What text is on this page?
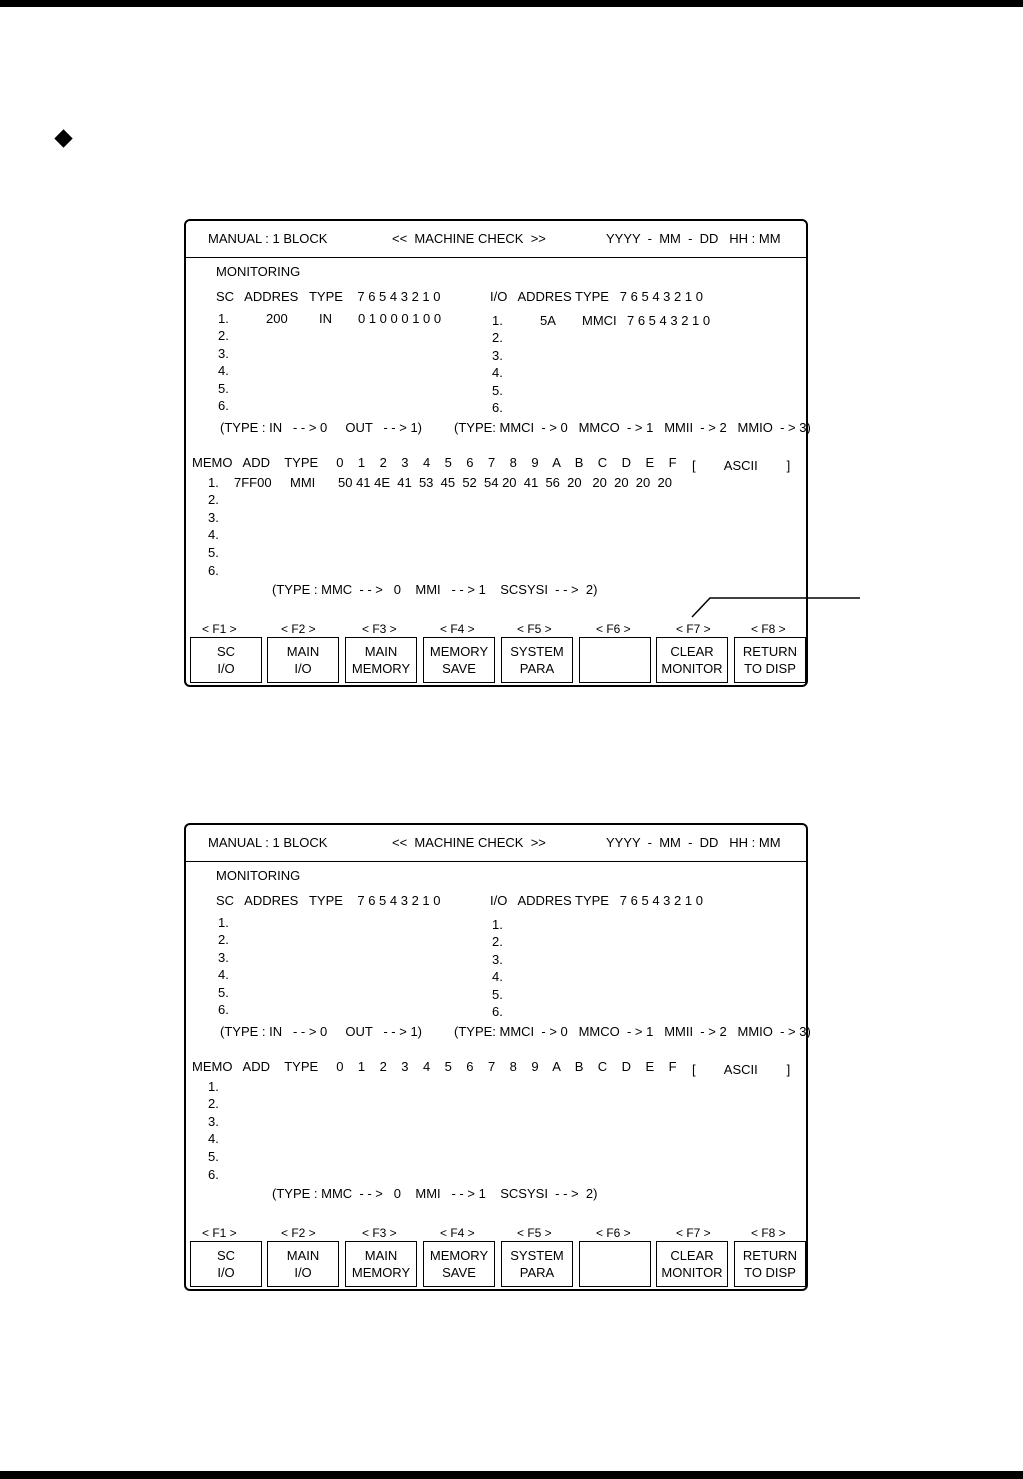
MANUAL : 1 BLOCK	<<  MACHINE CHECK  >>	YYYY  -  MM  -  DD   HH : MM
MONITORING
SC   ADDRES   TYPE    7 6 5 4 3 2 1 0	I/O   ADDRES TYPE   7 6 5 4 3 2 1 0
1.	200 IN 0 1 0 0 0 1 0 0
2.
3.
4.
5.
6.
1.	5A MMCI 7 6 5 4 3 2 1 0
2.
3.
4.
5.
6.
(TYPE : IN   - - > 0     OUT   - - > 1) (TYPE: MMCI  - > 0   MMCO  - > 1   MMII  - > 2   MMIO  - > 3)
MEMO   ADD    TYPE     0    1    2    3    4    5    6    7    8    9    A    B    C    D    E    F [        ASCII        ]
1. 7FF00 MMI 50 41 4E  41  53  45  52  54 20  41  56  20   20  20  20  20
2.
3.
4.
5.
6.
(TYPE : MMC  - - >   0    MMI   - - > 1    SCSYSI  - - >  2)
< F1 >
SC
I/O
< F2 >
MAIN
I/O
< F3 >
MAIN
MEMORY
< F4 >
MEMORY
SAVE
< F5 >
SYSTEM
PARA
< F6 >	< F7 >
CLEAR
MONITOR
< F8 >
RETURN
TO DISP
MANUAL : 1 BLOCK	<<  MACHINE CHECK  >>	YYYY  -  MM  -  DD   HH : MM
MONITORING
SC   ADDRES   TYPE    7 6 5 4 3 2 1 0	I/O   ADDRES TYPE   7 6 5 4 3 2 1 0
1.
2.
3.
4.
5.
6.
1.
2.
3.
4.
5.
6.
(TYPE : IN   - - > 0     OUT   - - > 1) (TYPE: MMCI  - > 0   MMCO  - > 1   MMII  - > 2   MMIO  - > 3)
MEMO   ADD    TYPE     0    1    2    3    4    5    6    7    8    9    A    B    C    D    E    F [        ASCII        ]
1.
2.
3.
4.
5.
6.
(TYPE : MMC  - - >   0    MMI   - - > 1    SCSYSI  - - >  2)
< F1 >
SC
I/O
< F2 >
MAIN
I/O
< F3 >
MAIN
MEMORY
< F4 >
MEMORY
SAVE
< F5 >
SYSTEM
PARA
< F6 >	< F7 >
CLEAR
MONITOR
< F8 >
RETURN
TO DISP
